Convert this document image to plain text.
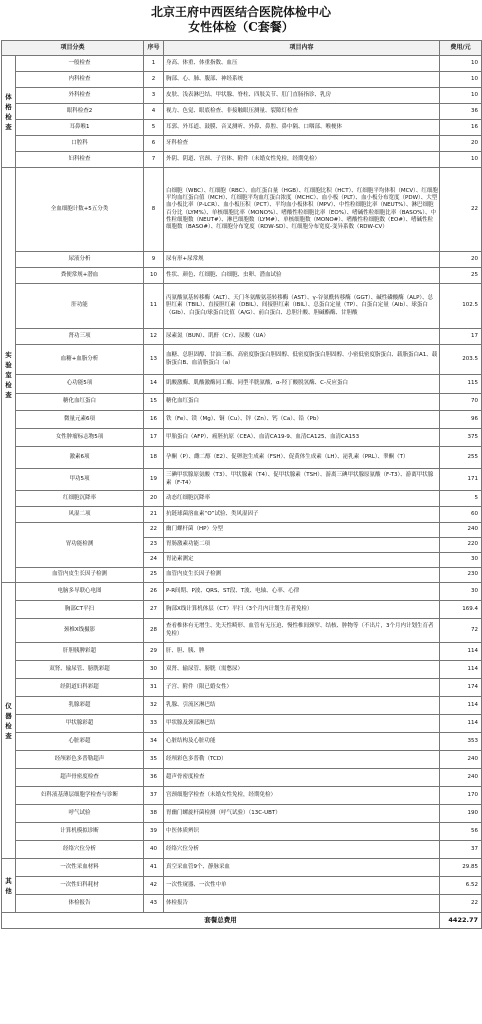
北京王府中西医结合医院体检中心
女性体检（C套餐）
项目分类		序号	项目内容	费用/元
体格检查	一般检查	1	身高、体重、体重指数、血压	10
	内科检查	2	胸部、心、肺、腹部、神经系统	10
	外科检查	3	皮肤、浅表淋巴结、甲状腺、脊柱、四肢关节、肛门直肠指诊、乳房	10
	眼科检查2	4	视力、色觉、眼底检查、非接触眼压测量、裂隙灯检查	36
	耳鼻喉1	5	耳郭、外耳道、鼓膜、音叉测听、外鼻、鼻腔、鼻中隔、口咽部、喉梗体	16
	口腔科	6	牙科检查	20
	妇科检查	7	外阴、阴道、宫颈、子宫体、附件（未婚女性免检，经期免检）	10
实验室检查	全血细胞计数+5五分类	8	白细胞（WBC）、红细胞（RBC）、血红蛋白量（HGB）、红细胞比积（HCT）、红细胞平均体积（MCV）、红细胞平均血红蛋白值（MCH）、红细胞平均血红蛋白浓度（MCHC）、血小板（PLT）、血小板分布宽度（PDW）、大型血小板比率（P-LCR）、血小板压积（PCT）、平均血小板体积（MPV）、中性粒细胞比率（NEUT%）、淋巴细胞百分比（LYM%）、单核细胞比率（MONO%）、嗜酸性粒细胞比率（EO%）、嗜碱性粒细胞比率（BASO%）、中性粒细胞数（NEUT#）、淋巴细胞数（LYM#）、单核细胞数（MONO#）、嗜酸性粒细胞数（EO#）、嗜碱性粒细胞数（BASO#）、红细胞分布宽度（RDW-SD）、红细胞分布宽度-变异系数（RDW-CV）	22
	尿液分析	9	尿有形+尿常规	20
	粪便常规+潜血	10	性状、颜色、红细胞、白细胞、虫卵、潜血试验	25
	肝功能	11	丙氨酸氨基转移酶（ALT）、天门冬氨酸氨基转移酶（AST）、γ-谷氨酰转移酶（GGT）、碱性磷酸酶（ALP）、总胆红素（TBIL）、直接胆红素（DBIL）、间接胆红素（IBIL）、总蛋白定量（TP）、白蛋白定量（Alb）、球蛋白（Glb）、白蛋白/球蛋白比值（A/G）、前白蛋白、总胆汁酸、胆碱酯酶、甘胆酸	102.5
	肾功三项	12	尿素氮（BUN）、肌酐（Cr）、尿酸（UA）	17
	血糖+血脂分析	13	血糖、总胆固醇、甘油三酯、高密度脂蛋白胆固醇、低密度脂蛋白胆固醇、小密低密度脂蛋白、载脂蛋白A1、载脂蛋白B、血清脂蛋白（a）	203.5
	心功能5项	14	肌酸激酶、肌酸激酶同工酶、同型半胱氨酸、α-羟丁酸脱氢酶、C-反应蛋白	115
	糖化血红蛋白	15	糖化血红蛋白	70
	微量元素6项	16	铁（Fe）、镁（Mg）、铜（Cu）、锌（Zn）、钙（Ca）、铅（Pb）	96
	女性肿瘤标志物5项	17	甲胎蛋白（AFP）、癌胚抗原（CEA）、血清CA19-9、血清CA125、血清CA153	375
	激素6项	18	孕酮（P）、雌二醇（E2）、促卵泡生成素（FSH）、促黄体生成素（LH）、泌乳素（PRL）、睾酮（T）	255
	甲功5项	19	三碘甲状腺原氨酸（T3）、甲状腺素（T4）、促甲状腺素（TSH）、游离三碘甲状腺原氨酸（F-T3）、游离甲状腺素（F-T4）	171
	红细胞沉降率	20	动态红细胞沉降率	5
	风湿二项	21	抗链球菌溶血素“O”试验、类风湿因子	60
	胃功能检测	22	幽门螺杆菌（HP）分型	240
		23	胃肠激素功能二项	220
		24	胃泌素测定	30
	血管内皮生长因子检测	25	血管内皮生长因子检测	230
仪器检查	电脑多导联心电图	26	P-R间期、P波、QRS、ST段、T波、电轴、心率、心律	30
	胸部CT平扫	27	胸部X线计算机体层（CT）平扫（3个月内计划生育者免检）	169.4
	颈椎X线摄影	28	查看椎体有无增生、先天性畸形、血管有无压迫、慢性椎间颈窄、结核、肿物等（不出片，3个月内计划生育者免检）	72
	肝胆胰脾彩超	29	肝、胆、胰、脾	114
	双肾、输尿管、膀胱彩超	30	双肾、输尿管、膀胱（需憋尿）	114
	经阴道妇科彩超	31	子宫、附件（限已婚女性）	174
	乳腺彩超	32	乳腺、引流区淋巴结	114
	甲状腺彩超	33	甲状腺及颈部淋巴结	114
	心脏彩超	34	心脏结构及心脏功能	353
	经颅彩色多普勒超声	35	经颅彩色多普勒（TCD）	240
	超声骨密度检查	36	超声骨密度检查	240
	妇科液基薄层细胞学检查与诊断	37	宫颈细胞学检查（未婚女性免检，经期免检）	170
	呼气试验	38	胃幽门螺旋杆菌检测（呼气试验）（13C-UBT）	190
	计算机模拟诊断	39	中医体质辨识	56
	经络穴位分析	40	经络穴位分析	37
其他	一次性采血材料	41	真空采血管9个、静脉采血	29.85
	一次性妇科耗材	42	一次性窥器、一次性中单	6.52
	体检报告	43	体检报告	22
套餐总费用				4422.77
